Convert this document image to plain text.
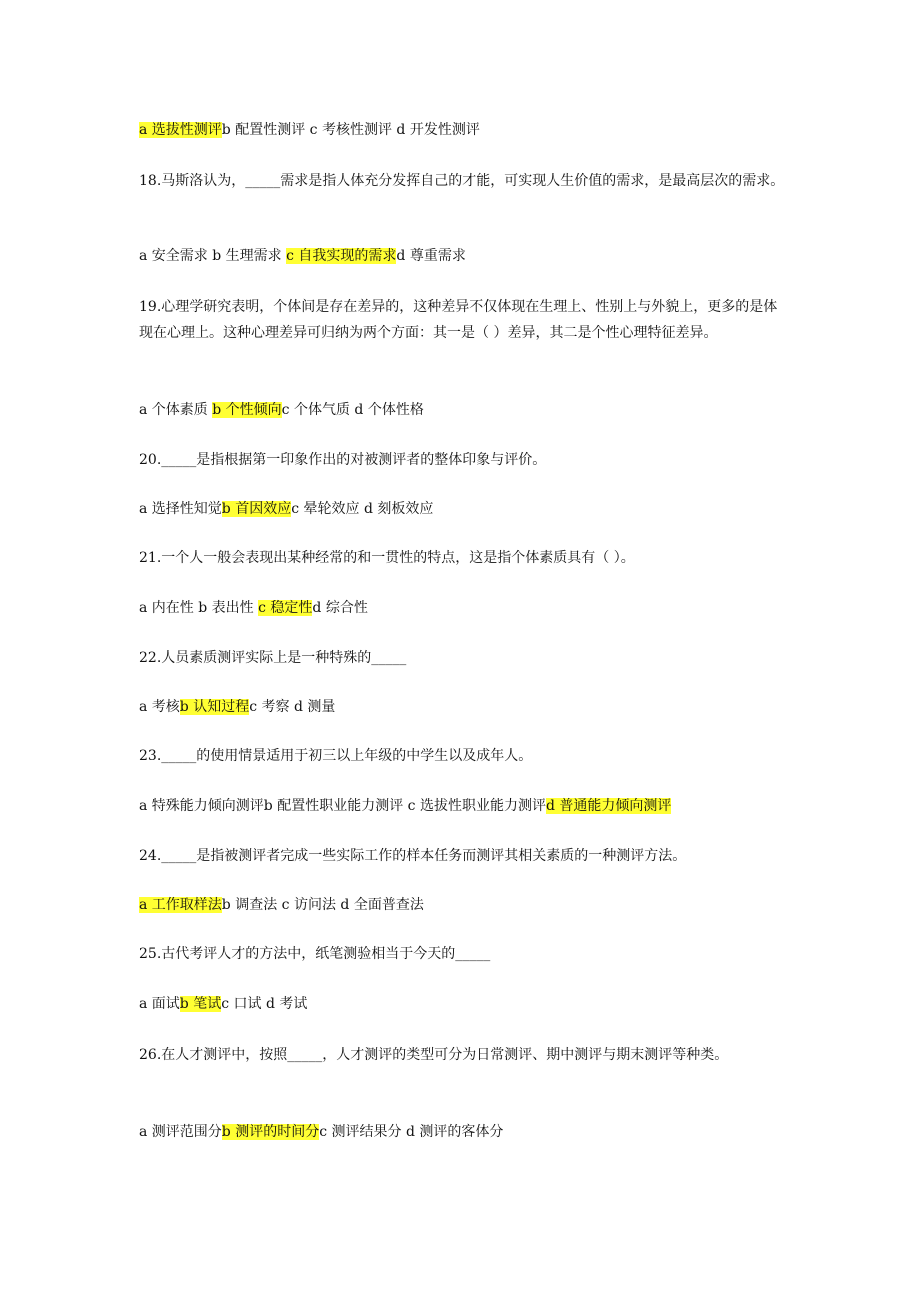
a 选拔性测评b 配置性测评 c 考核性测评 d 开发性测评
18.马斯洛认为，_____需求是指人体充分发挥自己的才能，可实现人生价值的需求，是最高层次的需求。
a 安全需求 b 生理需求 c 自我实现的需求d 尊重需求
19.心理学研究表明，个体间是存在差异的，这种差异不仅体现在生理上、性别上与外貌上，更多的是体现在心理上。这种心理差异可归纳为两个方面：其一是（ ）差异，其二是个性心理特征差异。
a 个体素质 b 个性倾向c 个体气质 d 个体性格
20._____是指根据第一印象作出的对被测评者的整体印象与评价。
a 选择性知觉b 首因效应c 晕轮效应 d 刻板效应
21.一个人一般会表现出某种经常的和一贯性的特点，这是指个体素质具有（ ）。
a 内在性 b 表出性 c 稳定性d 综合性
22.人员素质测评实际上是一种特殊的_____
a 考核b 认知过程c 考察 d 测量
23._____的使用情景适用于初三以上年级的中学生以及成年人。
a 特殊能力倾向测评b 配置性职业能力测评 c 选拔性职业能力测评d 普通能力倾向测评
24._____是指被测评者完成一些实际工作的样本任务而测评其相关素质的一种测评方法。
a 工作取样法b 调查法 c 访问法 d 全面普查法
25.古代考评人才的方法中，纸笔测验相当于今天的_____
a 面试b 笔试c 口试 d 考试
26.在人才测评中，按照_____，人才测评的类型可分为日常测评、期中测评与期末测评等种类。
a 测评范围分b 测评的时间分c 测评结果分 d 测评的客体分
